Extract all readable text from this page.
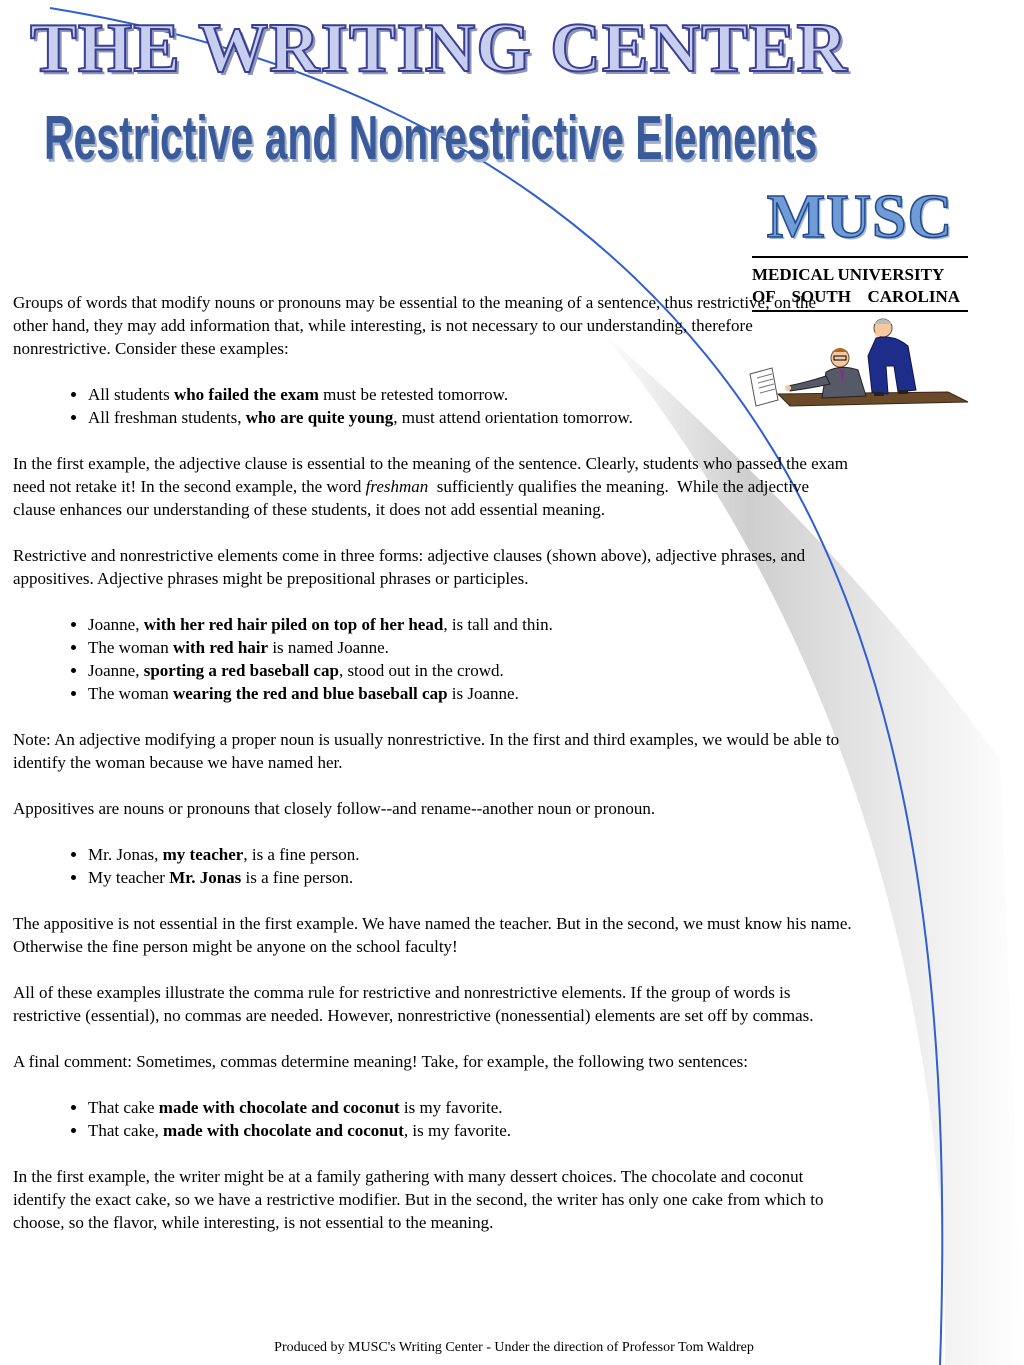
THE WRITING CENTER
Restrictive and Nonrestrictive Elements
MUSC
MEDICAL UNIVERSITY
OF  SOUTH  CAROLINA

Groups of words that modify nouns or pronouns may be essential to the meaning of a sentence, thus restrictive; on the other hand, they may add information that, while interesting, is not necessary to our understanding, therefore nonrestrictive. Consider these examples:

• All students who failed the exam must be retested tomorrow.
• All freshman students, who are quite young, must attend orientation tomorrow.

In the first example, the adjective clause is essential to the meaning of the sentence. Clearly, students who passed the exam need not retake it! In the second example, the word freshman  sufficiently qualifies the meaning.  While the adjective clause enhances our understanding of these students, it does not add essential meaning.

Restrictive and nonrestrictive elements come in three forms: adjective clauses (shown above), adjective phrases, and appositives. Adjective phrases might be prepositional phrases or participles.

• Joanne, with her red hair piled on top of her head, is tall and thin.
• The woman with red hair is named Joanne.
• Joanne, sporting a red baseball cap, stood out in the crowd.
• The woman wearing the red and blue baseball cap is Joanne.

Note: An adjective modifying a proper noun is usually nonrestrictive. In the first and third examples, we would be able to identify the woman because we have named her.

Appositives are nouns or pronouns that closely follow--and rename--another noun or pronoun.

• Mr. Jonas, my teacher, is a fine person.
• My teacher Mr. Jonas is a fine person.

The appositive is not essential in the first example. We have named the teacher. But in the second, we must know his name. Otherwise the fine person might be anyone on the school faculty!

All of these examples illustrate the comma rule for restrictive and nonrestrictive elements. If the group of words is restrictive (essential), no commas are needed. However, nonrestrictive (nonessential) elements are set off by commas.

A final comment: Sometimes, commas determine meaning! Take, for example, the following two sentences:

• That cake made with chocolate and coconut is my favorite.
• That cake, made with chocolate and coconut, is my favorite.

In the first example, the writer might be at a family gathering with many dessert choices. The chocolate and coconut identify the exact cake, so we have a restrictive modifier. But in the second, the writer has only one cake from which to choose, so the flavor, while interesting, is not essential to the meaning.

Produced by MUSC's Writing Center - Under the direction of Professor Tom Waldrep
